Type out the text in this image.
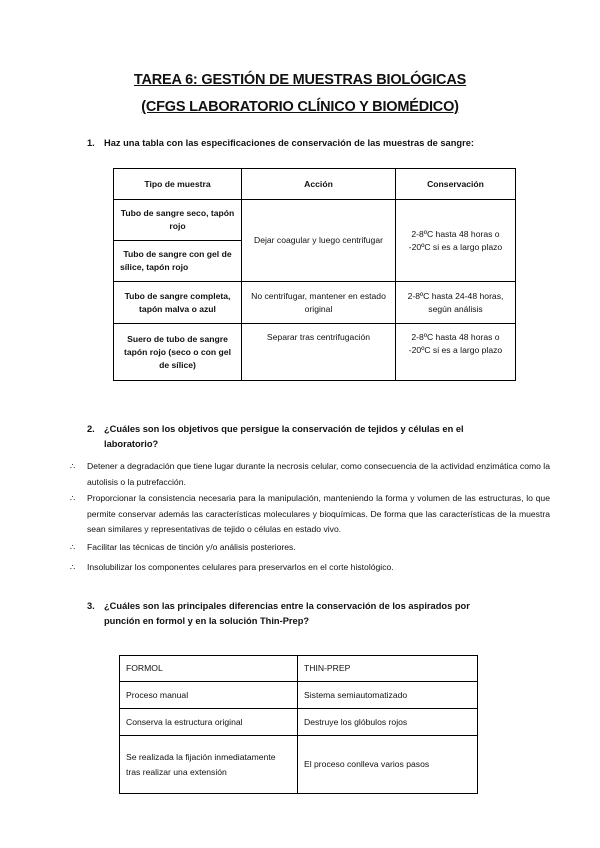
TAREA 6: GESTIÓN DE MUESTRAS BIOLÓGICAS
(CFGS LABORATORIO CLÍNICO Y BIOMÉDICO)
1. Haz una tabla con las especificaciones de conservación de las muestras de sangre:
Tipo de muestra	Acción	Conservación
Tubo de sangre seco, tapón rojo	Dejar coagular y luego centrifugar	2-8ºC hasta 48 horas o -20ºC si es a largo plazo
Tubo de sangre con gel de sílice, tapón rojo		
Tubo de sangre completa, tapón malva o azul	No centrifugar, mantener en estado original	2-8ºC hasta 24-48 horas, según análisis
Suero de tubo de sangre tapón rojo (seco o con gel de sílice)	Separar tras centrifugación	2-8ºC hasta 48 horas o -20ºC si es a largo plazo
2. ¿Cuáles son los objetivos que persigue la conservación de tejidos y células en el laboratorio?
∴ Detener a degradación que tiene lugar durante la necrosis celular, como consecuencia de la actividad enzimática como la autolisis o la putrefacción.
∴ Proporcionar la consistencia necesaria para la manipulación, manteniendo la forma y volumen de las estructuras, lo que permite conservar además las características moleculares y bioquímicas. De forma que las características de la muestra sean similares y representativas de tejido o células en estado vivo.
∴ Facilitar las técnicas de tinción y/o análisis posteriores.
∴ Insolubilizar los componentes celulares para preservarlos en el corte histológico.
3. ¿Cuáles son las principales diferencias entre la conservación de los aspirados por punción en formol y en la solución Thin-Prep?
FORMOL	THIN-PREP
Proceso manual	Sistema semiautomatizado
Conserva la estructura original	Destruye los glóbulos rojos
Se realizada la fijación inmediatamente tras realizar una extensión	El proceso conlleva varios pasos
